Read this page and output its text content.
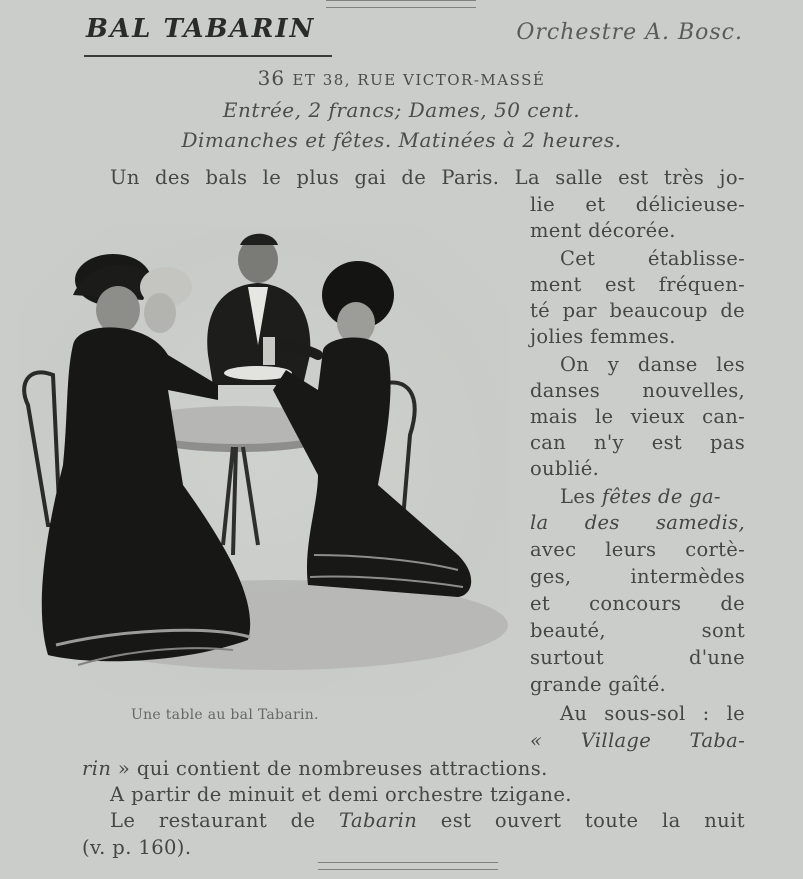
BAL TABARIN	Orchestre A. Bosc.
36 ET 38, RUE VICTOR-MASSÉ
Entrée, 2 francs; Dames, 50 cent.
Dimanches et fêtes. Matinées à 2 heures.
Un des bals le plus gai de Paris. La salle est très jo-
lie et délicieuse-
ment décorée.
Cet établisse-
ment est fréquen-
té par beaucoup de
jolies femmes.
On y danse les
danses nouvelles,
mais le vieux can-
can n'y est pas
oublié.
Les fêtes de ga-
la des samedis,
avec leurs cortè-
ges, intermèdes
et concours de
beauté, sont
surtout d'une
grande gaîté.
Au sous-sol : le
« Village Taba-
rin » qui contient de nombreuses attractions.
A partir de minuit et demi orchestre tzigane.
Le restaurant de Tabarin est ouvert toute la nuit
(v. p. 160).
Une table au bal Tabarin.
